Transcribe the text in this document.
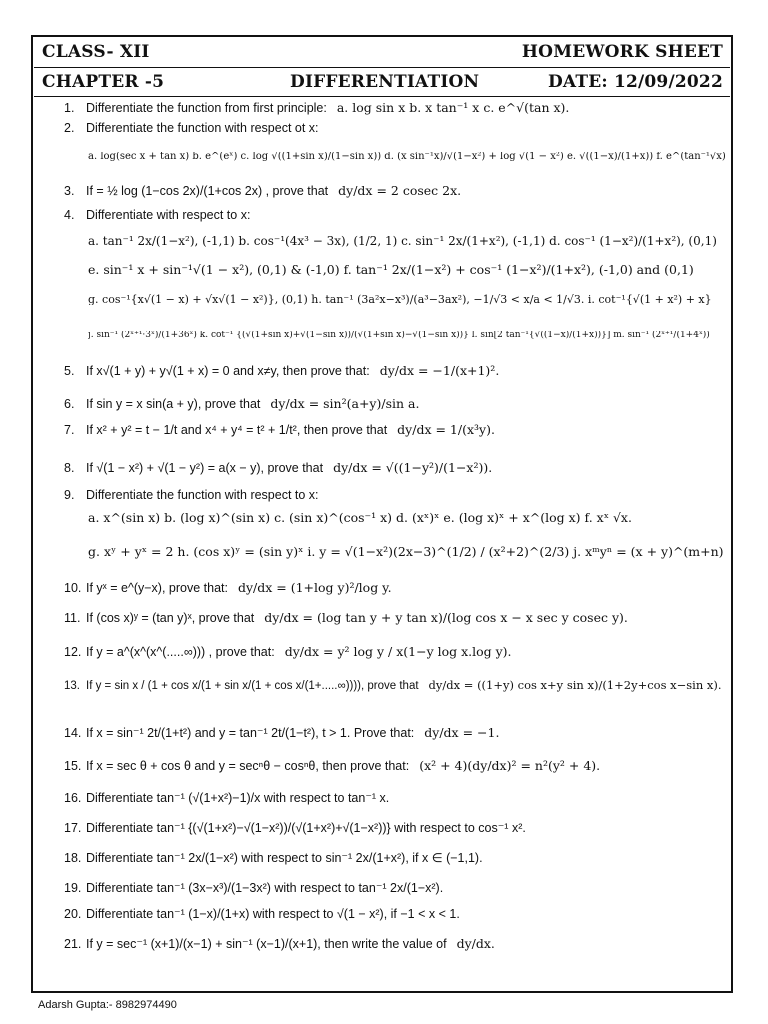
CLASS- XII	HOMEWORK SHEET
CHAPTER -5	DIFFERENTIATION	DATE: 12/09/2022
1. Differentiate the function from first principle: a. log sin x b. x tan⁻¹ x c. e^√(tan x).
2. Differentiate the function with respect ot x:
a. log(sec x + tan x) b. e^(eˣ) c. log √((1+sin x)/(1−sin x)) d. (x sin⁻¹x)/√(1−x²) + log √(1 − x²) e. √((1−x)/(1+x)) f. e^(tan⁻¹√x)
3. If = ½ log (1−cos 2x)/(1+cos 2x) , prove that dy/dx = 2 cosec 2x.
4. Differentiate with respect to x:
a. tan⁻¹ 2x/(1−x²), (-1,1) b. cos⁻¹(4x³ − 3x), (1/2, 1) c. sin⁻¹ 2x/(1+x²), (-1,1) d. cos⁻¹ (1−x²)/(1+x²), (0,1)
e. sin⁻¹ x + sin⁻¹√(1 − x²), (0,1) & (-1,0) f. tan⁻¹ 2x/(1−x²) + cos⁻¹ (1−x²)/(1+x²), (-1,0) and (0,1)
g. cos⁻¹{x√(1 − x) + √x√(1 − x²)}, (0,1) h. tan⁻¹ (3a²x−x³)/(a³−3ax²), −1/√3 < x/a < 1/√3. i. cot⁻¹{√(1 + x²) + x}
j. sin⁻¹ (2ˣ⁺¹·3ˣ)/(1+36ˣ) k. cot⁻¹ {(√(1+sin x)+√(1−sin x))/(√(1+sin x)−√(1−sin x))} l. sin[2 tan⁻¹{√((1−x)/(1+x))}] m. sin⁻¹ (2ˣ⁺¹/(1+4ˣ))
5. If x√(1 + y) + y√(1 + x) = 0 and x≠y, then prove that: dy/dx = −1/(x+1)².
6. If sin y = x sin(a + y), prove that dy/dx = sin²(a+y)/sin a.
7. If x² + y² = t − 1/t and x⁴ + y⁴ = t² + 1/t², then prove that dy/dx = 1/(x³y).
8. If √(1 − x²) + √(1 − y²) = a(x − y), prove that dy/dx = √((1−y²)/(1−x²)).
9. Differentiate the function with respect to x:
a. x^(sin x) b. (log x)^(sin x) c. (sin x)^(cos⁻¹ x) d. (xˣ)ˣ e. (log x)ˣ + x^(log x) f. xˣ √x.
g. xʸ + yˣ = 2 h. (cos x)ʸ = (sin y)ˣ i. y = √(1−x²)(2x−3)^(1/2) / (x²+2)^(2/3) j. xᵐyⁿ = (x + y)^(m+n)
10. If yˣ = e^(y−x), prove that: dy/dx = (1+log y)²/log y.
11. If (cos x)ʸ = (tan y)ˣ, prove that dy/dx = (log tan y + y tan x)/(log cos x − x sec y cosec y).
12. If y = a^(x^(x^(.....∞))) , prove that: dy/dx = y² log y / x(1−y log x.log y).
13. If y = sin x / (1 + cos x/(1 + sin x/(1 + cos x/(1+.....∞)))), prove that dy/dx = ((1+y) cos x+y sin x)/(1+2y+cos x−sin x).
14. If x = sin⁻¹ 2t/(1+t²) and y = tan⁻¹ 2t/(1−t²), t > 1. Prove that: dy/dx = −1.
15. If x = sec θ + cos θ and y = secⁿθ − cosⁿθ, then prove that: (x² + 4)(dy/dx)² = n²(y² + 4).
16. Differentiate tan⁻¹ (√(1+x²)−1)/x with respect to tan⁻¹ x.
17. Differentiate tan⁻¹ {(√(1+x²)−√(1−x²))/(√(1+x²)+√(1−x²))} with respect to cos⁻¹ x².
18. Differentiate tan⁻¹ 2x/(1−x²) with respect to sin⁻¹ 2x/(1+x²), if x ∈ (−1,1).
19. Differentiate tan⁻¹ (3x−x³)/(1−3x²) with respect to tan⁻¹ 2x/(1−x²).
20. Differentiate tan⁻¹ (1−x)/(1+x) with respect to √(1 − x²), if −1 < x < 1.
21. If y = sec⁻¹ (x+1)/(x−1) + sin⁻¹ (x−1)/(x+1), then write the value of dy/dx.
Adarsh Gupta:- 8982974490
